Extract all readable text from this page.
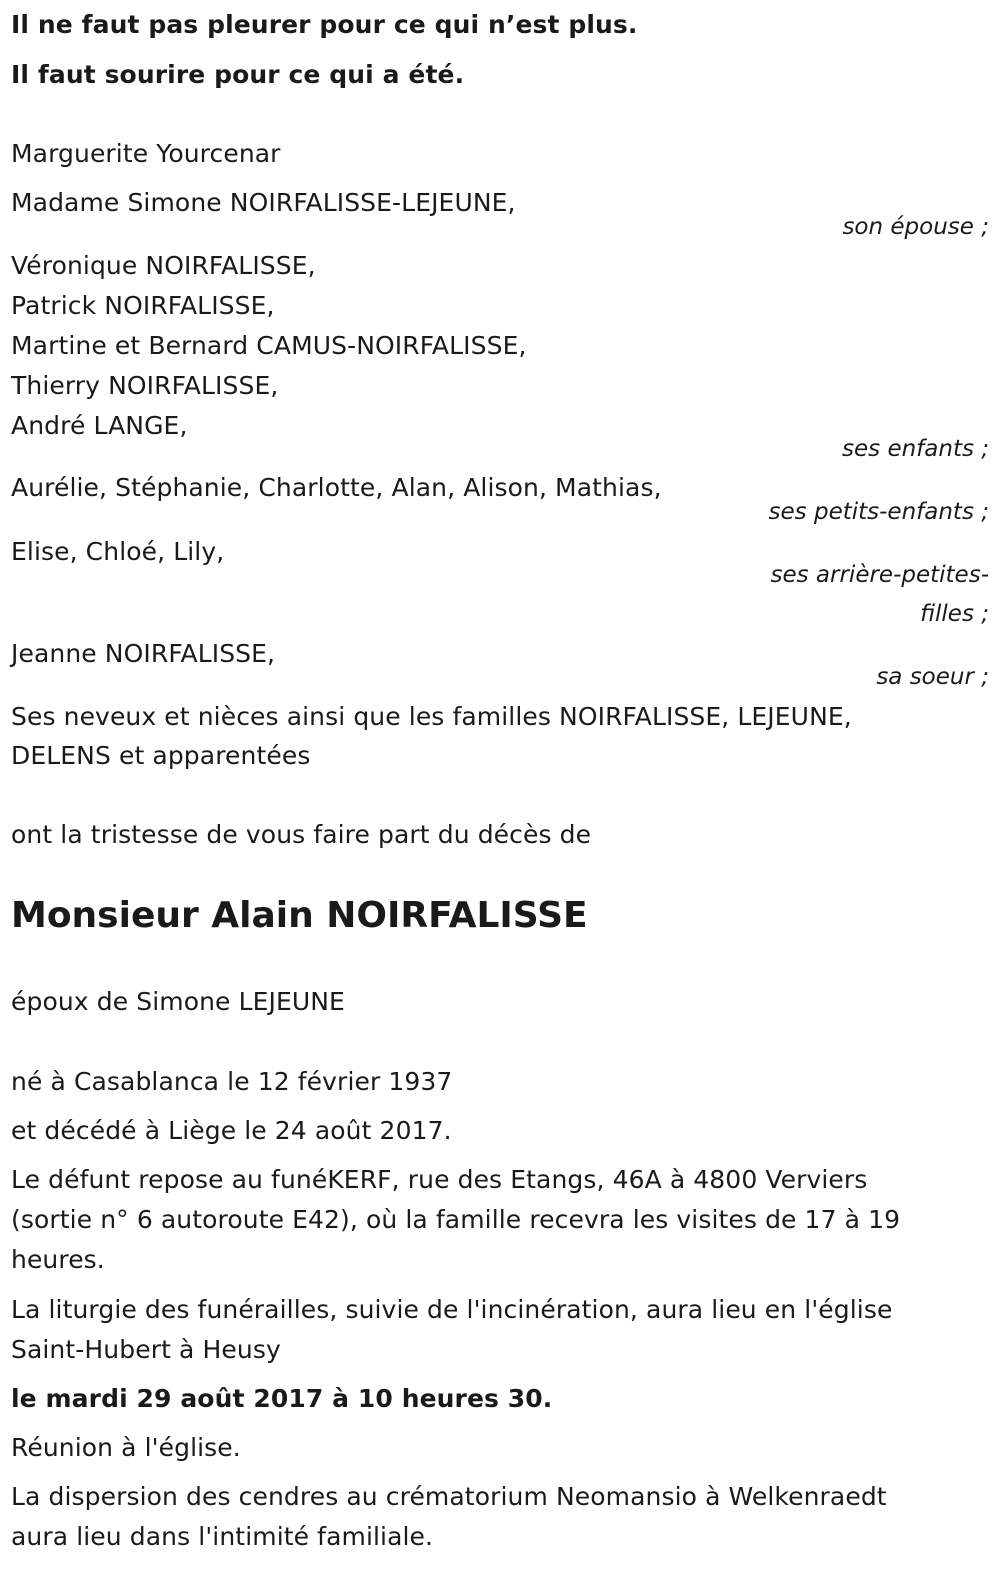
Il ne faut pas pleurer pour ce qui n’est plus.
Il faut sourire pour ce qui a été.
Marguerite Yourcenar
Madame Simone NOIRFALISSE-LEJEUNE,
son épouse ;
Véronique NOIRFALISSE,
Patrick NOIRFALISSE,
Martine et Bernard CAMUS-NOIRFALISSE,
Thierry NOIRFALISSE,
André LANGE,
ses enfants ;
Aurélie, Stéphanie, Charlotte, Alan, Alison, Mathias,
ses petits-enfants ;
Elise, Chloé, Lily,
ses arrière-petites-
filles ;
Jeanne NOIRFALISSE,
sa soeur ;
Ses neveux et nièces ainsi que les familles NOIRFALISSE, LEJEUNE,
DELENS et apparentées
ont la tristesse de vous faire part du décès de
Monsieur Alain NOIRFALISSE
époux de Simone LEJEUNE
né à Casablanca le 12 février 1937
et décédé à Liège le 24 août 2017.
Le défunt repose au funéKERF, rue des Etangs, 46A à 4800 Verviers
(sortie n° 6 autoroute E42), où la famille recevra les visites de 17 à 19
heures.
La liturgie des funérailles, suivie de l'incinération, aura lieu en l'église
Saint-Hubert à Heusy
le mardi 29 août 2017 à 10 heures 30.
Réunion à l'église.
La dispersion des cendres au crématorium Neomansio à Welkenraedt
aura lieu dans l'intimité familiale.
